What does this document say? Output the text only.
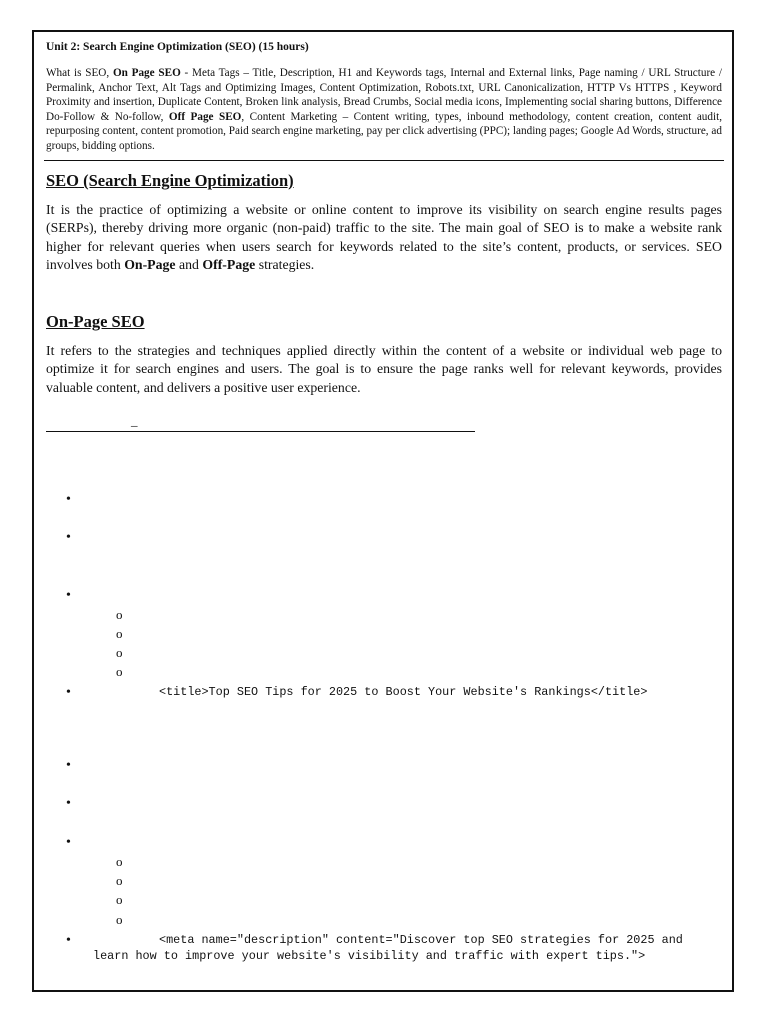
Unit 2: Search Engine Optimization (SEO) (15 hours)

What is SEO, On Page SEO - Meta Tags – Title, Description, H1 and Keywords tags, Internal and External links, Page naming / URL Structure / Permalink, Anchor Text, Alt Tags and Optimizing Images, Content Optimization, Robots.txt, URL Canonicalization, HTTP Vs HTTPS , Keyword Proximity and insertion, Duplicate Content, Broken link analysis, Bread Crumbs, Social media icons, Implementing social sharing buttons, Difference Do-Follow & No-follow, Off Page SEO, Content Marketing – Content writing, types, inbound methodology, content creation, content audit, repurposing content, content promotion, Paid search engine marketing, pay per click advertising (PPC); landing pages; Google Ad Words, structure, ad groups, bidding options.

SEO (Search Engine Optimization)

It is the practice of optimizing a website or online content to improve its visibility on search engine results pages (SERPs), thereby driving more organic (non-paid) traffic to the site. The main goal of SEO is to make a website rank higher for relevant queries when users search for keywords related to the site’s content, products, or services. SEO involves both On-Page and Off-Page strategies.

On-Page SEO

It refers to the strategies and techniques applied directly within the content of a website or individual web page to optimize it for search engines and users. The goal is to ensure the page ranks well for relevant keywords, provides valuable content, and delivers a positive user experience.

_
•
•
•
o
o
o
o
•	<title>Top SEO Tips for 2025 to Boost Your Website's Rankings</title>
•
•
•
o
o
o
o
•	<meta name="description" content="Discover top SEO strategies for 2025 and
learn how to improve your website's visibility and traffic with expert tips.">
